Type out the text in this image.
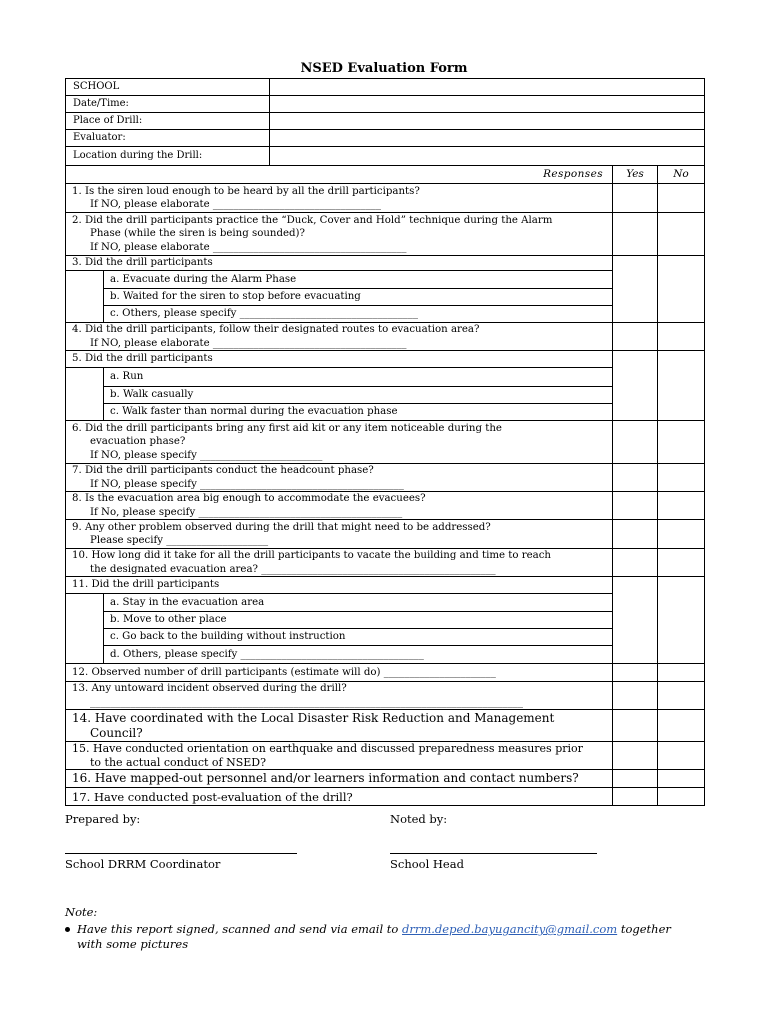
NSED Evaluation Form
SCHOOL	
Date/Time:	
Place of Drill:	
Evaluator:	
Location during the Drill:	
Responses		Yes	No

1. Is the siren loud enough to be heard by all the drill participants?
If NO, please elaborate _________________________________			

2. Did the drill participants practice the “Duck, Cover and Hold” technique during the Alarm
Phase (while the siren is being sounded)?
If NO, please elaborate ______________________________________			

3. Did the drill participants			
	a. Evacuate during the Alarm Phase		
	b. Waited for the siren to stop before evacuating		
	c. Others, please specify ___________________________________		

4. Did the drill participants, follow their designated routes to evacuation area?
If NO, please elaborate ______________________________________			

5. Did the drill participants			
	a. Run		
	b. Walk casually		
	c. Walk faster than normal during the evacuation phase		

6. Did the drill participants bring any first aid kit or any item noticeable during the
evacuation phase?
If NO, please specify ________________________			

7. Did the drill participants conduct the headcount phase?
If NO, please specify ________________________________________			

8. Is the evacuation area big enough to accommodate the evacuees?
If No, please specify ________________________________________			

9. Any other problem observed during the drill that might need to be addressed?
Please specify ____________________			

10. How long did it take for all the drill participants to vacate the building and time to reach
the designated evacuation area? ______________________________________________			

11. Did the drill participants			
	a. Stay in the evacuation area		
	b. Move to other place		
	c. Go back to the building without instruction		
	d. Others, please specify ____________________________________		
12. Observed number of drill participants (estimate will do) ______________________			

13. Any untoward incident observed during the drill?
_____________________________________________________________________________________			

14. Have coordinated with the Local Disaster Risk Reduction and Management
Council?			

15. Have conducted orientation on earthquake and discussed preparedness measures prior
to the actual conduct of NSED?			

16. Have mapped-out personnel and/or learners information and contact numbers?			
17. Have conducted post-evaluation of the drill?			
Prepared by:	Noted by:
School DRRM Coordinator	School Head
Note:
Have this report signed, scanned and send via email to drrm.deped.bayugancity@gmail.com together
with some pictures
